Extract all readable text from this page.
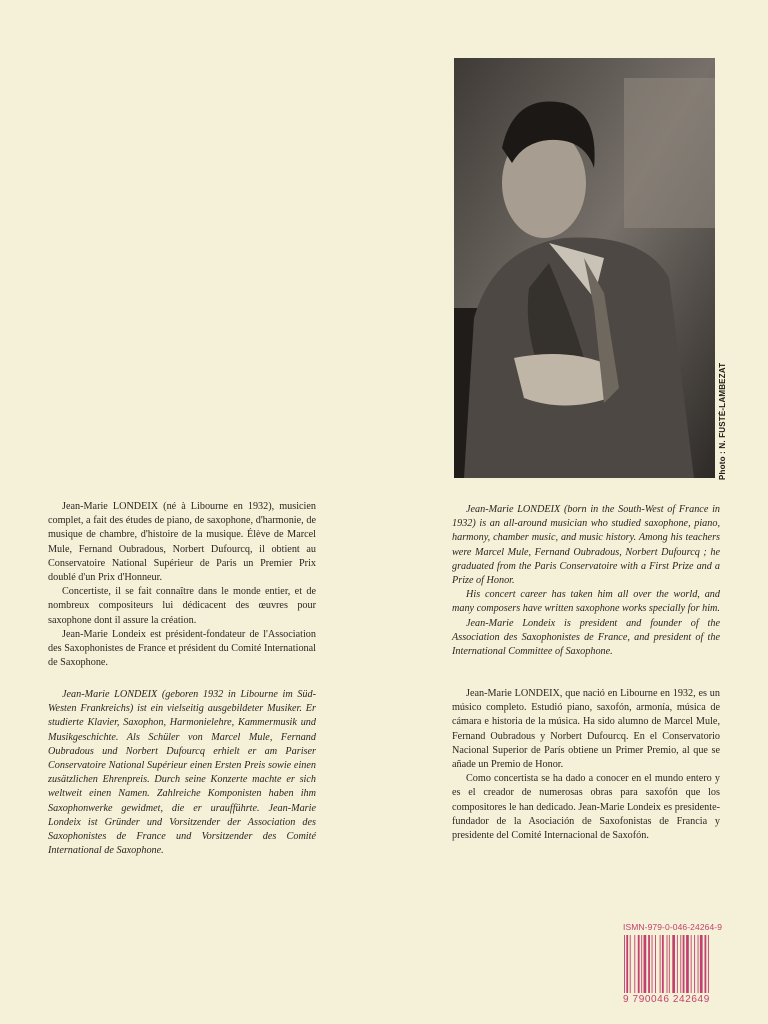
Photo : N. FUSTÉ-LAMBEZAT

Jean-Marie LONDEIX (né à Libourne en 1932), musicien complet, a fait des études de piano, de saxophone, d'harmonie, de musique de chambre, d'histoire de la musique. Élève de Marcel Mule, Fernand Oubradous, Norbert Dufourcq, il obtient au Conservatoire National Supérieur de Paris un Premier Prix doublé d'un Prix d'Honneur.

Concertiste, il se fait connaître dans le monde entier, et de nombreux compositeurs lui dédicacent des œuvres pour saxophone dont il assure la création.

Jean-Marie Londeix est président-fondateur de l'Association des Saxophonistes de France et président du Comité International de Saxophone.

Jean-Marie LONDEIX (geboren 1932 in Libourne im Süd-Westen Frankreichs) ist ein vielseitig ausgebildeter Musiker. Er studierte Klavier, Saxophon, Harmonielehre, Kammermusik und Musikgeschichte. Als Schüler von Marcel Mule, Fernand Oubradous und Norbert Dufourcq erhielt er am Pariser Conservatoire National Supérieur einen Ersten Preis sowie einen zusätzlichen Ehrenpreis. Durch seine Konzerte machte er sich weltweit einen Namen. Zahlreiche Komponisten haben ihm Saxophonwerke gewidmet, die er uraufführte. Jean-Marie Londeix ist Gründer und Vorsitzender der Association des Saxophonistes de France und Vorsitzender des Comité International de Saxophone.

Jean-Marie LONDEIX (born in the South-West of France in 1932) is an all-around musician who studied saxophone, piano, harmony, chamber music, and music history. Among his teachers were Marcel Mule, Fernand Oubradous, Norbert Dufourcq ; he graduated from the Paris Conservatoire with a First Prize and a Prize of Honor.

His concert career has taken him all over the world, and many composers have written saxophone works specially for him.

Jean-Marie Londeix is president and founder of the Association des Saxophonistes de France, and president of the International Committee of Saxophone.

Jean-Marie LONDEIX, que nació en Libourne en 1932, es un músico completo. Estudió piano, saxofón, armonía, música de cámara e historia de la música. Ha sido alumno de Marcel Mule, Fernand Oubradous y Norbert Dufourcq. En el Conservatorio Nacional Superior de París obtiene un Primer Premio, al que se añade un Premio de Honor.

Como concertista se ha dado a conocer en el mundo entero y es el creador de numerosas obras para saxofón que los compositores le han dedicado. Jean-Marie Londeix es presidente-fundador de la Asociación de Saxofonistas de Francia y presidente del Comité Internacional de Saxofón.

ISMN-979-0-046-24264-9
9 790046 242649
